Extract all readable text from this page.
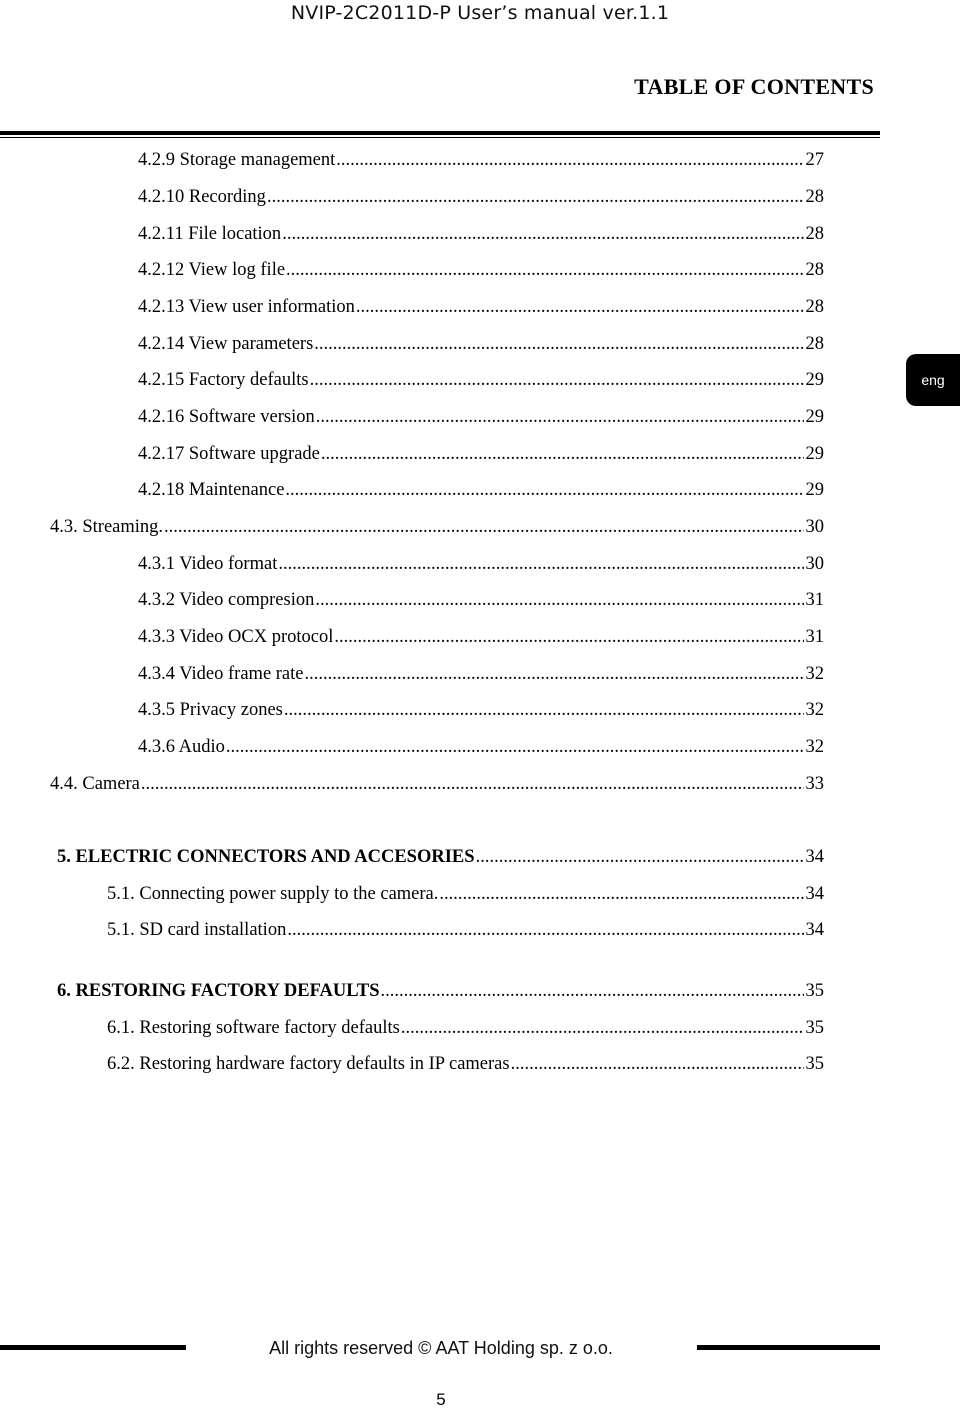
NVIP-2C2011D-P User’s manual ver.1.1
TABLE OF CONTENTS
eng
4.2.9 Storage management .....	27
4.2.10 Recording .....	28
4.2.11 File location .....	28
4.2.12 View log file .....	28
4.2.13 View user information .....	28
4.2.14 View parameters .....	28
4.2.15 Factory defaults .....	29
4.2.16 Software version .....	29
4.2.17 Software upgrade .....	29
4.2.18 Maintenance .....	29
4.3. Streaming. .....	30
4.3.1 Video format .....	30
4.3.2 Video compresion .....	31
4.3.3 Video OCX protocol .....	31
4.3.4 Video frame rate .....	32
4.3.5 Privacy zones .....	32
4.3.6 Audio .....	32
4.4. Camera .....	33
5. ELECTRIC CONNECTORS AND ACCESORIES .....	34
5.1. Connecting power supply to the camera. .....	34
5.1. SD card installation .....	34
6. RESTORING FACTORY DEFAULTS .....	35
6.1. Restoring software factory defaults .....	35
6.2. Restoring hardware factory defaults in IP cameras .....	35
All rights reserved © AAT Holding sp. z o.o.
5
